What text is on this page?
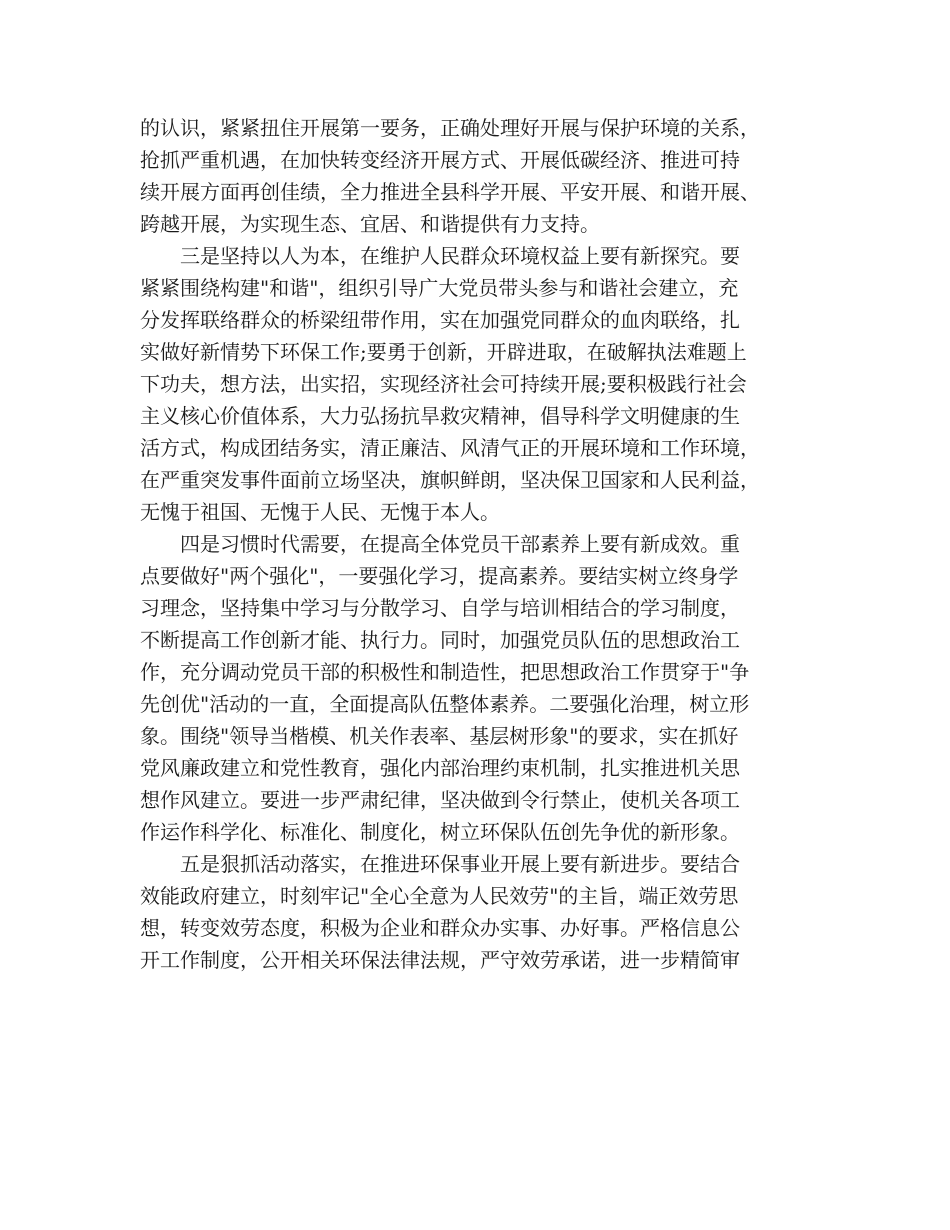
的认识，紧紧扭住开展第一要务，正确处理好开展与保护环境的关系，
抢抓严重机遇，在加快转变经济开展方式、开展低碳经济、推进可持
续开展方面再创佳绩，全力推进全县科学开展、平安开展、和谐开展、
跨越开展，为实现生态、宜居、和谐提供有力支持。
　　三是坚持以人为本，在维护人民群众环境权益上要有新探究。要
紧紧围绕构建"和谐"，组织引导广大党员带头参与和谐社会建立，充
分发挥联络群众的桥梁纽带作用，实在加强党同群众的血肉联络，扎
实做好新情势下环保工作;要勇于创新，开辟进取，在破解执法难题上
下功夫，想方法，出实招，实现经济社会可持续开展;要积极践行社会
主义核心价值体系，大力弘扬抗旱救灾精神，倡导科学文明健康的生
活方式，构成团结务实，清正廉洁、风清气正的开展环境和工作环境，
在严重突发事件面前立场坚决，旗帜鲜朗，坚决保卫国家和人民利益，
无愧于祖国、无愧于人民、无愧于本人。
　　四是习惯时代需要，在提高全体党员干部素养上要有新成效。重
点要做好"两个强化"，一要强化学习，提高素养。要结实树立终身学
习理念，坚持集中学习与分散学习、自学与培训相结合的学习制度，
不断提高工作创新才能、执行力。同时，加强党员队伍的思想政治工
作，充分调动党员干部的积极性和制造性，把思想政治工作贯穿于"争
先创优"活动的一直，全面提高队伍整体素养。二要强化治理，树立形
象。围绕"领导当楷模、机关作表率、基层树形象"的要求，实在抓好
党风廉政建立和党性教育，强化内部治理约束机制，扎实推进机关思
想作风建立。要进一步严肃纪律，坚决做到令行禁止，使机关各项工
作运作科学化、标准化、制度化，树立环保队伍创先争优的新形象。
　　五是狠抓活动落实，在推进环保事业开展上要有新进步。要结合
效能政府建立，时刻牢记"全心全意为人民效劳"的主旨，端正效劳思
想，转变效劳态度，积极为企业和群众办实事、办好事。严格信息公
开工作制度，公开相关环保法律法规，严守效劳承诺，进一步精简审
